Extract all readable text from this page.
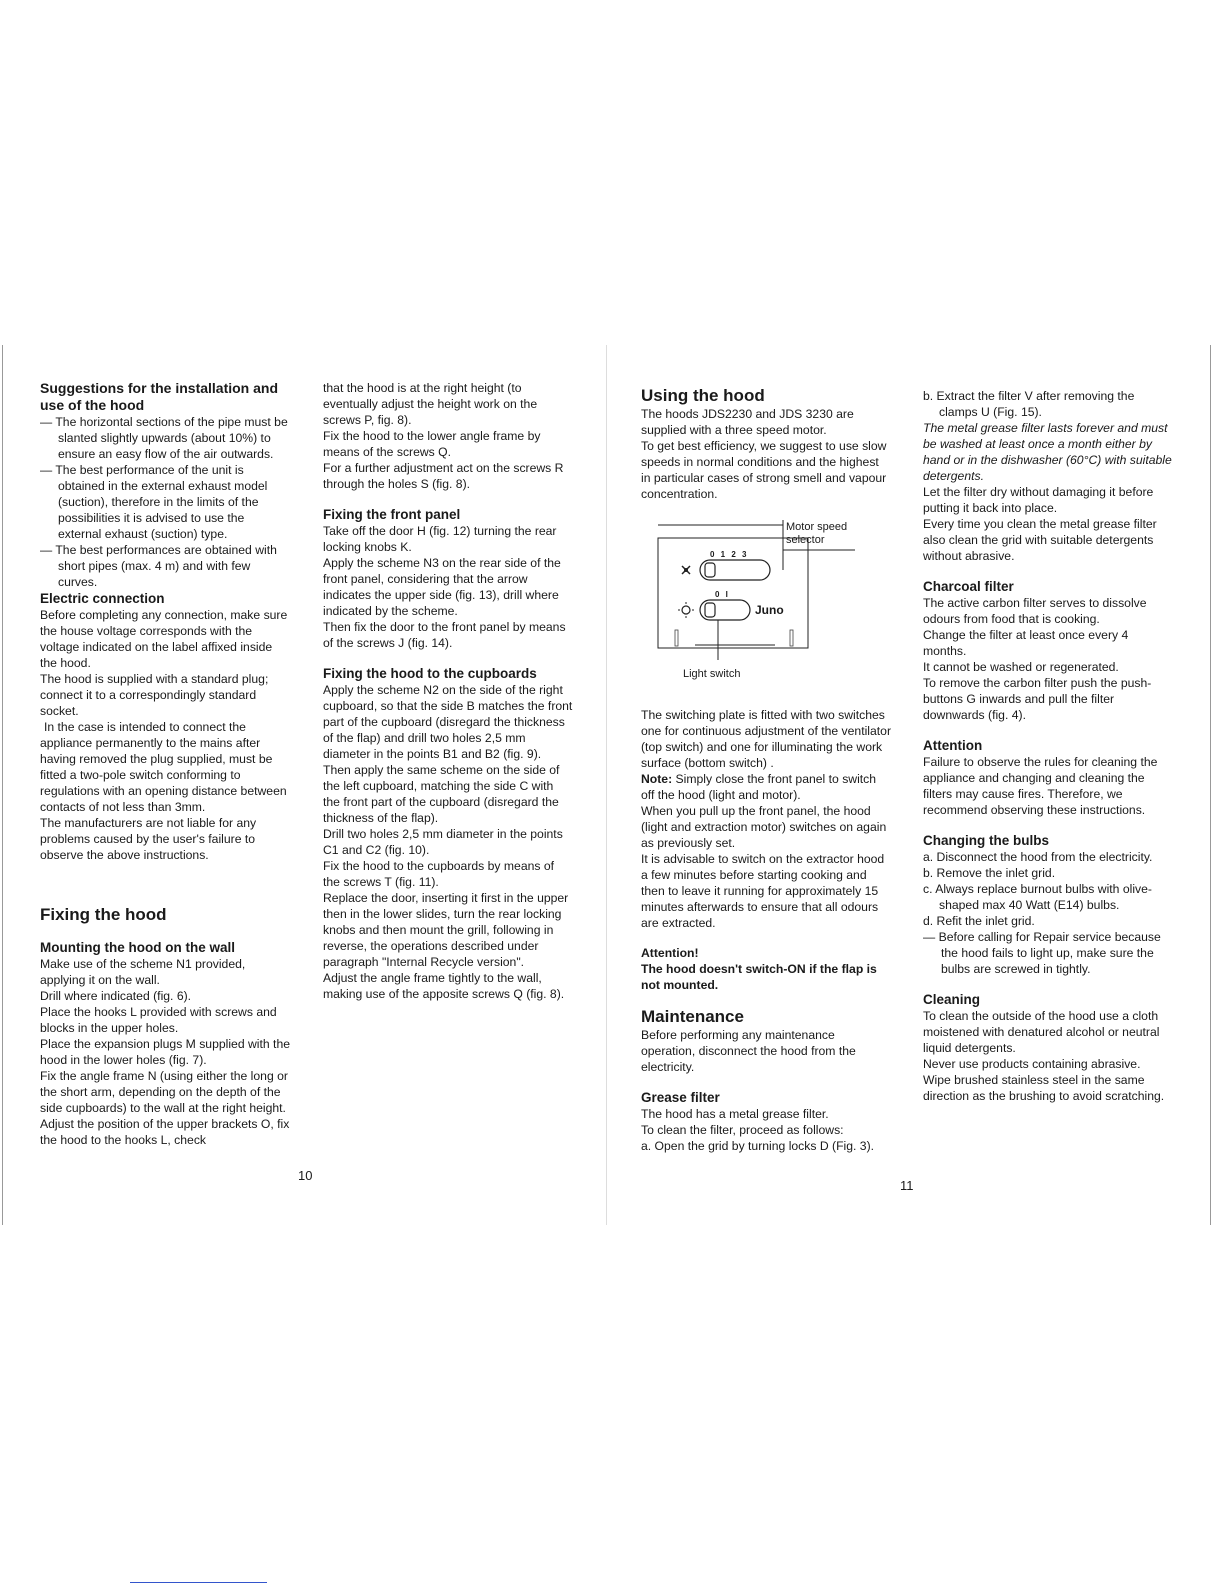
Suggestions for the installation and use of the hood

— The horizontal sections of the pipe must be slanted slightly upwards (about 10%) to ensure an easy flow of the air outwards.

— The best performance of the unit is obtained in the external exhaust model (suction), therefore in the limits of the possibilities it is advised to use the external exhaust (suction) type.

— The best performances are obtained with short pipes (max. 4 m) and with few curves.

Electric connection

Before completing any connection, make sure the house voltage corresponds with the voltage indicated on the label affixed inside the hood.

The hood is supplied with a standard plug; connect it to a correspondingly standard socket.

In the case is intended to connect the appliance permanently to the mains after having removed the plug supplied, must be fitted a two-pole switch conforming to regulations with an opening distance between contacts of not less than 3mm.

The manufacturers are not liable for any problems caused by the user's failure to observe the above instructions.

Fixing the hood

Mounting the hood on the wall

Make use of the scheme N1 provided, applying it on the wall.

Drill where indicated (fig. 6).

Place the hooks L provided with screws and blocks in the upper holes.

Place the expansion plugs M supplied with the hood in the lower holes (fig. 7).

Fix the angle frame N (using either the long or the short arm, depending on the depth of the side cupboards) to the wall at the right height.

Adjust the position of the upper brackets O, fix the hood to the hooks L, check

that the hood is at the right height (to eventually adjust the height work on the screws P, fig. 8).

Fix the hood to the lower angle frame by means of the screws Q.

For a further adjustment act on the screws R through the holes S (fig. 8).

Fixing the front panel

Take off the door H (fig. 12) turning the rear locking knobs K.

Apply the scheme N3 on the rear side of the front panel, considering that the arrow indicates the upper side (fig. 13), drill where indicated by the scheme.

Then fix the door to the front panel by means of the screws J (fig. 14).

Fixing the hood to the cupboards

Apply the scheme N2 on the side of the right cupboard, so that the side B matches the front part of the cupboard (disregard the thickness of the flap) and drill two holes 2,5 mm diameter in the points B1 and B2 (fig. 9).

Then apply the same scheme on the side of the left cupboard, matching the side C with the front part of the cupboard (disregard the thickness of the flap).

Drill two holes 2,5 mm diameter in the points C1 and C2 (fig. 10).

Fix the hood to the cupboards by means of the screws T (fig. 11).

Replace the door, inserting it first in the upper then in the lower slides, turn the rear locking knobs and then mount the grill, following in reverse, the operations described under paragraph "Internal Recycle version".

Adjust the angle frame tightly to the wall, making use of the apposite screws Q (fig. 8).

10

Using the hood

The hoods JDS2230 and JDS 3230 are supplied with a three speed motor.

To get best efficiency, we suggest to use slow speeds in normal conditions and the highest in particular cases of strong smell and vapour concentration.

The switching plate is fitted with two switches one for continuous adjustment of the ventilator (top switch) and one for illuminating the work surface (bottom switch) .

Note: Simply close the front panel to switch off the hood (light and motor).

When you pull up the front panel, the hood (light and extraction motor) switches on again as previously set.

It is advisable to switch on the extractor hood a few minutes before starting cooking and then to leave it running for approximately 15 minutes afterwards to ensure that all odours are extracted.

Attention!

The hood doesn't switch-ON if the flap is not mounted.

Maintenance

Before performing any maintenance operation, disconnect the hood from the electricity.

Grease filter

The hood has a metal grease filter.

To clean the filter, proceed as follows:

a. Open the grid by turning locks D (Fig. 3).

Motor speed selector
0 1 2 3
0 I
Juno
Light switch
11

b. Extract the filter V after removing the clamps U (Fig. 15).

The metal grease filter lasts forever and must be washed at least once a month either by hand or in the dishwasher (60°C) with suitable detergents.

Let the filter dry without damaging it before putting it back into place.

Every time you clean the metal grease filter also clean the grid with suitable detergents without abrasive.

Charcoal filter

The active carbon filter serves to dissolve odours from food that is cooking.

Change the filter at least once every 4 months.

It cannot be washed or regenerated.

To remove the carbon filter push the push-buttons G inwards and pull the filter downwards (fig. 4).

Attention

Failure to observe the rules for cleaning the appliance and changing and cleaning the filters may cause fires. Therefore, we recommend observing these instructions.

Changing the bulbs

a. Disconnect the hood from the electricity.

b. Remove the inlet grid.

c. Always replace burnout bulbs with olive-shaped max 40 Watt (E14) bulbs.

d. Refit the inlet grid.

— Before calling for Repair service because the hood fails to light up, make sure the bulbs are screwed in tightly.

Cleaning

To clean the outside of the hood use a cloth moistened with denatured alcohol or neutral liquid detergents.

Never use products containing abrasive.

Wipe brushed stainless steel in the same direction as the brushing to avoid scratching.
